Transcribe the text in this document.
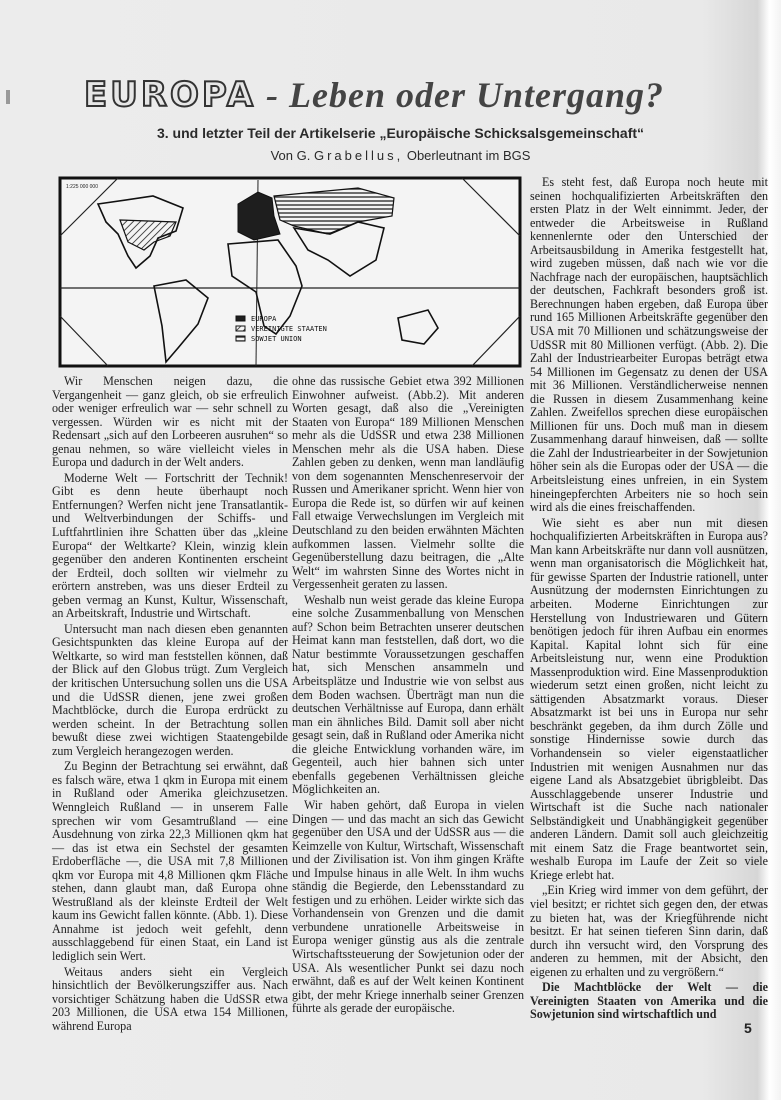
EUROPA - Leben oder Untergang?
3. und letzter Teil der Artikelserie „Europäische Schicksalsgemeinschaft“
Von G. Grabellus, Oberleutnant im BGS
1:225 000 000
EUROPA
VEREINIGTE STAATEN
SOWJET UNION

Wir Menschen neigen dazu, die Vergangenheit — ganz gleich, ob sie erfreulich oder weniger erfreulich war — sehr schnell zu vergessen. Würden wir es nicht mit der Redensart „sich auf den Lorbeeren ausruhen“ so genau nehmen, so wäre vielleicht vieles in Europa und dadurch in der Welt anders.

Moderne Welt — Fortschritt der Technik! Gibt es denn heute überhaupt noch Entfernungen? Werfen nicht jene Transatlantik- und Weltverbindungen der Schiffs- und Luftfahrtlinien ihre Schatten über das „kleine Europa“ der Weltkarte? Klein, winzig klein gegenüber den anderen Kontinenten erscheint der Erdteil, doch sollten wir vielmehr zu erörtern anstreben, was uns dieser Erdteil zu geben vermag an Kunst, Kultur, Wissenschaft, an Arbeitskraft, Industrie und Wirtschaft.

Untersucht man nach diesen eben genannten Gesichtspunkten das kleine Europa auf der Weltkarte, so wird man feststellen können, daß der Blick auf den Globus trügt. Zum Vergleich der kritischen Untersuchung sollen uns die USA und die UdSSR dienen, jene zwei großen Machtblöcke, durch die Europa erdrückt zu werden scheint. In der Betrachtung sollen bewußt diese zwei wichtigen Staatengebilde zum Vergleich herangezogen werden.

Zu Beginn der Betrachtung sei erwähnt, daß es falsch wäre, etwa 1 qkm in Europa mit einem in Rußland oder Amerika gleichzusetzen. Wenngleich Rußland — in unserem Falle sprechen wir vom Gesamtrußland — eine Ausdehnung von zirka 22,3 Millionen qkm hat — das ist etwa ein Sechstel der gesamten Erdoberfläche —, die USA mit 7,8 Millionen qkm vor Europa mit 4,8 Millionen qkm Fläche stehen, dann glaubt man, daß Europa ohne Westrußland als der kleinste Erdteil der Welt kaum ins Gewicht fallen könnte. (Abb. 1). Diese Annahme ist jedoch weit gefehlt, denn ausschlaggebend für einen Staat, ein Land ist lediglich sein Wert.

Weitaus anders sieht ein Vergleich hinsichtlich der Bevölkerungsziffer aus. Nach vorsichtiger Schätzung haben die UdSSR etwa 203 Millionen, die USA etwa 154 Millionen, während Europa

ohne das russische Gebiet etwa 392 Millionen Einwohner aufweist. (Abb.2). Mit anderen Worten gesagt, daß also die „Vereinigten Staaten von Europa“ 189 Millionen Menschen mehr als die UdSSR und etwa 238 Millionen Menschen mehr als die USA haben. Diese Zahlen geben zu denken, wenn man landläufig von dem sogenannten Menschenreservoir der Russen und Amerikaner spricht. Wenn hier von Europa die Rede ist, so dürfen wir auf keinen Fall etwaige Verwechslungen im Vergleich mit Deutschland zu den beiden erwähnten Mächten aufkommen lassen. Vielmehr sollte die Gegenüberstellung dazu beitragen, die „Alte Welt“ im wahrsten Sinne des Wortes nicht in Vergessenheit geraten zu lassen.

Weshalb nun weist gerade das kleine Europa eine solche Zusammenballung von Menschen auf? Schon beim Betrachten unserer deutschen Heimat kann man feststellen, daß dort, wo die Natur bestimmte Voraussetzungen geschaffen hat, sich Menschen ansammeln und Arbeitsplätze und Industrie wie von selbst aus dem Boden wachsen. Überträgt man nun die deutschen Verhältnisse auf Europa, dann erhält man ein ähnliches Bild. Damit soll aber nicht gesagt sein, daß in Rußland oder Amerika nicht die gleiche Entwicklung vorhanden wäre, im Gegenteil, auch hier bahnen sich unter ebenfalls gegebenen Verhältnissen gleiche Möglichkeiten an.

Wir haben gehört, daß Europa in vielen Dingen — und das macht an sich das Gewicht gegenüber den USA und der UdSSR aus — die Keimzelle von Kultur, Wirtschaft, Wissenschaft und der Zivilisation ist. Von ihm gingen Kräfte und Impulse hinaus in alle Welt. In ihm wuchs ständig die Begierde, den Lebensstandard zu festigen und zu erhöhen. Leider wirkte sich das Vorhandensein von Grenzen und die damit verbundene unrationelle Arbeitsweise in Europa weniger günstig aus als die zentrale Wirtschaftssteuerung der Sowjetunion oder der USA. Als wesentlicher Punkt sei dazu noch erwähnt, daß es auf der Welt keinen Kontinent gibt, der mehr Kriege innerhalb seiner Grenzen führte als gerade der europäische.

Es steht fest, daß Europa noch heute mit seinen hochqualifizierten Arbeitskräften den ersten Platz in der Welt einnimmt. Jeder, der entweder die Arbeitsweise in Rußland kennenlernte oder den Unterschied der Arbeitsausbildung in Amerika festgestellt hat, wird zugeben müssen, daß nach wie vor die Nachfrage nach der europäischen, hauptsächlich der deutschen, Fachkraft besonders groß ist. Berechnungen haben ergeben, daß Europa über rund 165 Millionen Arbeitskräfte gegenüber den USA mit 70 Millionen und schätzungsweise der UdSSR mit 80 Millionen verfügt. (Abb. 2). Die Zahl der Industriearbeiter Europas beträgt etwa 54 Millionen im Gegensatz zu denen der USA mit 36 Millionen. Verständlicherweise nennen die Russen in diesem Zusammenhang keine Zahlen. Zweifellos sprechen diese europäischen Millionen für uns. Doch muß man in diesem Zusammenhang darauf hinweisen, daß — sollte die Zahl der Industriearbeiter in der Sowjetunion höher sein als die Europas oder der USA — die Arbeitsleistung eines unfreien, in ein System hineingepferchten Arbeiters nie so hoch sein wird als die eines freischaffenden.

Wie sieht es aber nun mit diesen hochqualifizierten Arbeitskräften in Europa aus? Man kann Arbeitskräfte nur dann voll ausnützen, wenn man organisatorisch die Möglichkeit hat, für gewisse Sparten der Industrie rationell, unter Ausnützung der modernsten Einrichtungen zu arbeiten. Moderne Einrichtungen zur Herstellung von Industriewaren und Gütern benötigen jedoch für ihren Aufbau ein enormes Kapital. Kapital lohnt sich für eine Arbeitsleistung nur, wenn eine Produktion Massenproduktion wird. Eine Massenproduktion wiederum setzt einen großen, nicht leicht zu sättigenden Absatzmarkt voraus. Dieser Absatzmarkt ist bei uns in Europa nur sehr beschränkt gegeben, da ihm durch Zölle und sonstige Hindernisse sowie durch das Vorhandensein so vieler eigenstaatlicher Industrien mit wenigen Ausnahmen nur das eigene Land als Absatzgebiet übrigbleibt. Das Ausschlaggebende unserer Industrie und Wirtschaft ist die Suche nach nationaler Selbständigkeit und Unabhängigkeit gegenüber anderen Ländern. Damit soll auch gleichzeitig mit einem Satz die Frage beantwortet sein, weshalb Europa im Laufe der Zeit so viele Kriege erlebt hat.

„Ein Krieg wird immer von dem geführt, der viel besitzt; er richtet sich gegen den, der etwas zu bieten hat, was der Kriegführende nicht besitzt. Er hat seinen tieferen Sinn darin, daß durch ihn versucht wird, den Vorsprung des anderen zu hemmen, mit der Absicht, den eigenen zu erhalten und zu vergrößern.“

Die Machtblöcke der Welt — die Vereinigten Staaten von Amerika und die Sowjetunion sind wirtschaftlich und

5
